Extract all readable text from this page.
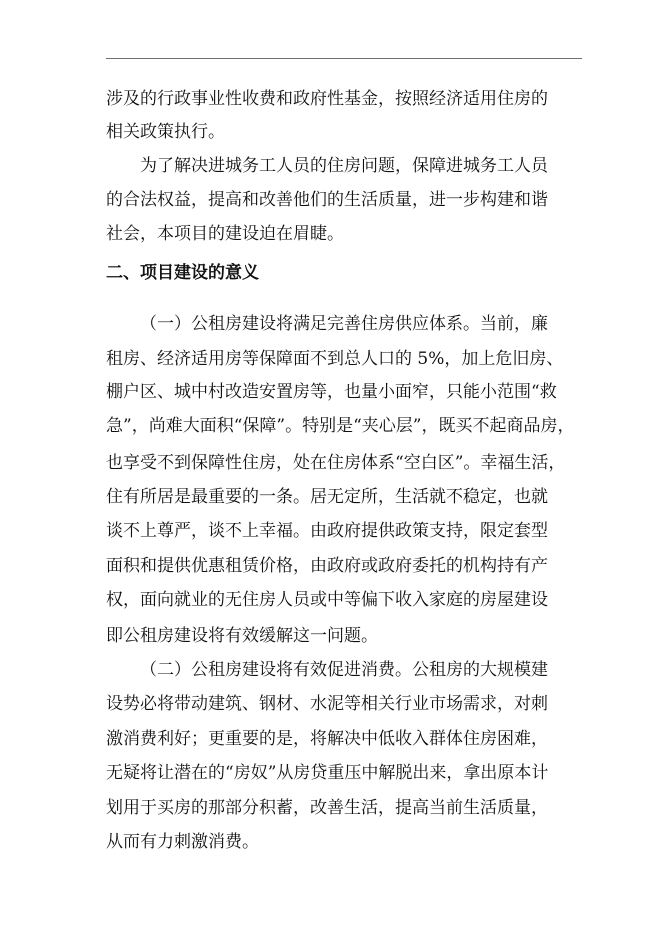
涉及的行政事业性收费和政府性基金，按照经济适用住房的
相关政策执行。
为了解决进城务工人员的住房问题，保障进城务工人员
的合法权益，提高和改善他们的生活质量，进一步构建和谐
社会，本项目的建设迫在眉睫。
二、项目建设的意义
（一）公租房建设将满足完善住房供应体系。当前，廉
租房、经济适用房等保障面不到总人口的 5%，加上危旧房、
棚户区、城中村改造安置房等，也量小面窄，只能小范围“救
急”，尚难大面积“保障”。特别是“夹心层”，既买不起商品房，
也享受不到保障性住房，处在住房体系“空白区”。幸福生活，
住有所居是最重要的一条。居无定所，生活就不稳定，也就
谈不上尊严，谈不上幸福。由政府提供政策支持，限定套型
面积和提供优惠租赁价格，由政府或政府委托的机构持有产
权，面向就业的无住房人员或中等偏下收入家庭的房屋建设
即公租房建设将有效缓解这一问题。
（二）公租房建设将有效促进消费。公租房的大规模建
设势必将带动建筑、钢材、水泥等相关行业市场需求，对刺
激消费利好；更重要的是，将解决中低收入群体住房困难，
无疑将让潜在的“房奴”从房贷重压中解脱出来，拿出原本计
划用于买房的那部分积蓄，改善生活，提高当前生活质量，
从而有力刺激消费。
